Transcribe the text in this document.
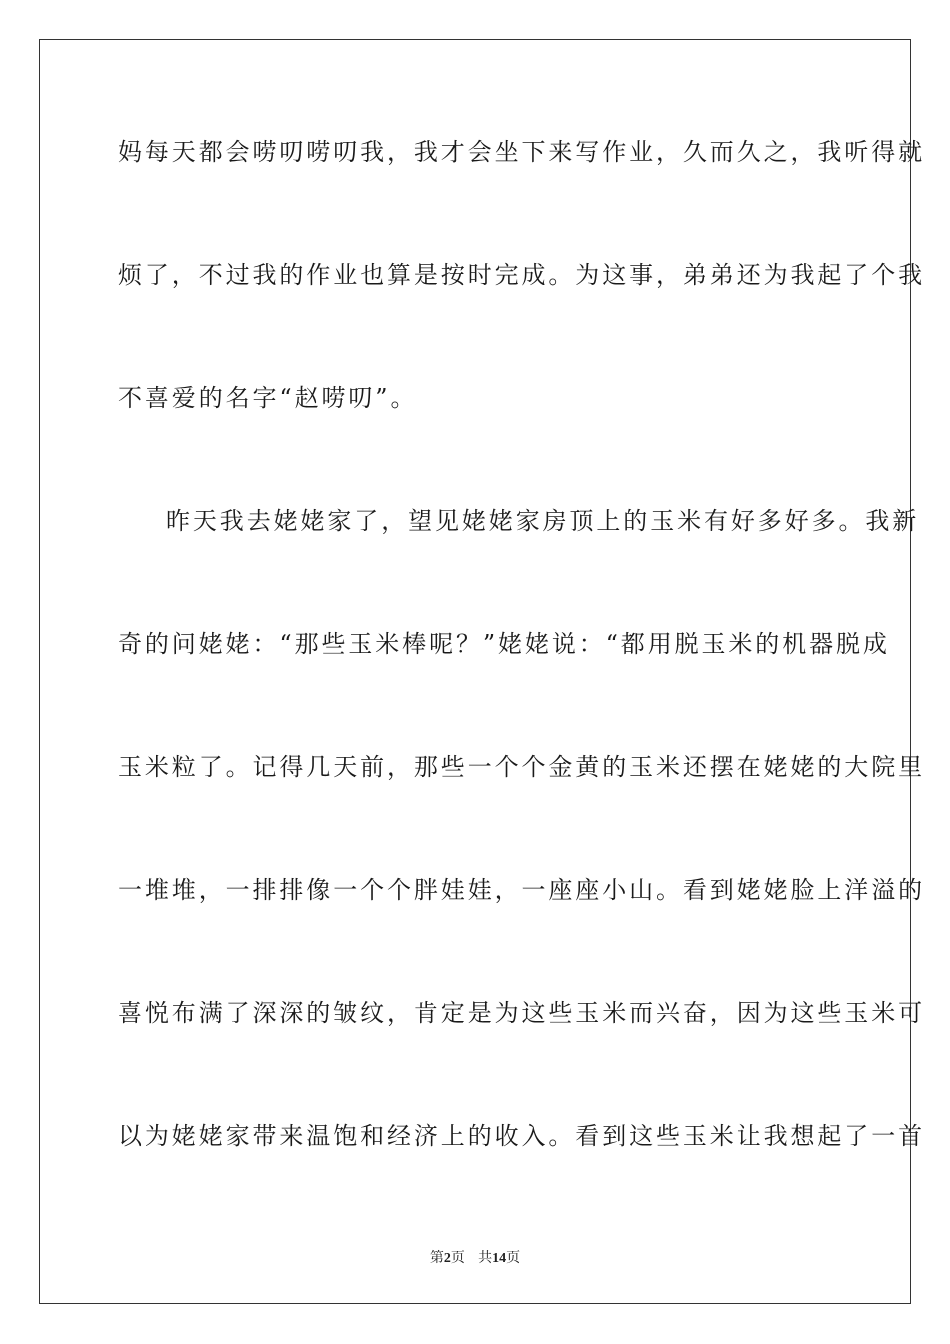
妈每天都会唠叨唠叨我，我才会坐下来写作业，久而久之，我听得就
烦了，不过我的作业也算是按时完成。为这事，弟弟还为我起了个我
不喜爱的名字“赵唠叨”。
昨天我去姥姥家了，望见姥姥家房顶上的玉米有好多好多。我新
奇的问姥姥：“那些玉米棒呢？”姥姥说：“都用脱玉米的机器脱成
玉米粒了。记得几天前，那些一个个金黄的玉米还摆在姥姥的大院里
一堆堆，一排排像一个个胖娃娃，一座座小山。看到姥姥脸上洋溢的
喜悦布满了深深的皱纹，肯定是为这些玉米而兴奋，因为这些玉米可
以为姥姥家带来温饱和经济上的收入。看到这些玉米让我想起了一首
第2页 共14页
